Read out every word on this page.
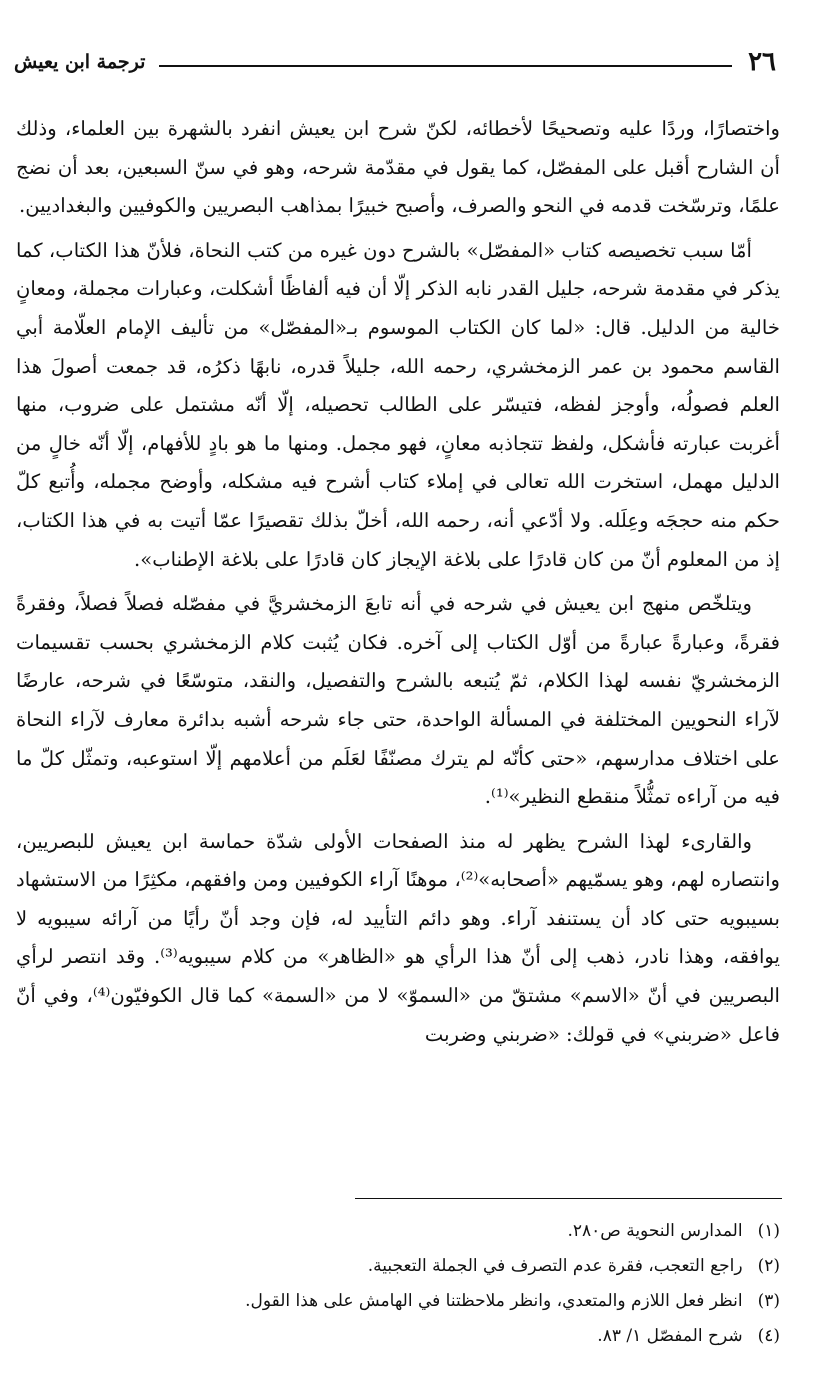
٢٦
ترجمة ابن يعيش

واختصارًا، وردًا عليه وتصحيحًا لأخطائه، لكنّ شرح ابن يعيش انفرد بالشهرة بين العلماء، وذلك أن الشارح أقبل على المفصّل، كما يقول في مقدّمة شرحه، وهو في سنّ السبعين، بعد أن نضج علمًا، وترسّخت قدمه في النحو والصرف، وأصبح خبيرًا بمذاهب البصريين والكوفيين والبغداديين.

أمّا سبب تخصيصه كتاب «المفصّل» بالشرح دون غيره من كتب النحاة، فلأنّ هذا الكتاب، كما يذكر في مقدمة شرحه، جليل القدر نابه الذكر إلّا أن فيه ألفاظًا أشكلت، وعبارات مجملة، ومعانٍ خالية من الدليل. قال: «لما كان الكتاب الموسوم بـ«المفصّل» من تأليف الإمام العلّامة أبي القاسم محمود بن عمر الزمخشري، رحمه الله، جليلاً قدره، نابهًا ذكرُه، قد جمعت أصولَ هذا العلم فصولُه، وأوجز لفظه، فتيسّر على الطالب تحصيله، إلّا أنّه مشتمل على ضروب، منها أغربت عبارته فأشكل، ولفظ تتجاذبه معانٍ، فهو مجمل. ومنها ما هو بادٍ للأفهام، إلّا أنّه خالٍ من الدليل مهمل، استخرت الله تعالى في إملاء كتاب أشرح فيه مشكله، وأوضح مجمله، وأُتبع كلّ حكم منه حججَه وعِلَله. ولا أدّعي أنه، رحمه الله، أخلّ بذلك تقصيرًا عمّا أتيت به في هذا الكتاب، إذ من المعلوم أنّ من كان قادرًا على بلاغة الإيجاز كان قادرًا على بلاغة الإطناب».

ويتلخّص منهج ابن يعيش في شرحه في أنه تابعَ الزمخشريَّ في مفصّله فصلاً فصلاً، وفقرةً فقرةً، وعبارةً عبارةً من أوّل الكتاب إلى آخره. فكان يُثبت كلام الزمخشري بحسب تقسيمات الزمخشريّ نفسه لهذا الكلام، ثمّ يُتبعه بالشرح والتفصيل، والنقد، متوسّعًا في شرحه، عارضًا لآراء النحويين المختلفة في المسألة الواحدة، حتى جاء شرحه أشبه بدائرة معارف لآراء النحاة على اختلاف مدارسهم، «حتى كأنّه لم يترك مصنّفًا لعَلَم من أعلامهم إلّا استوعبه، وتمثّل كلّ ما فيه من آراءه تمثُّلاً منقطع النظير»⁽¹⁾.

والقارىء لهذا الشرح يظهر له منذ الصفحات الأولى شدّة حماسة ابن يعيش للبصريين، وانتصاره لهم، وهو يسمّيهم «أصحابه»⁽²⁾، موهنًا آراء الكوفيين ومن وافقهم، مكثِرًا من الاستشهاد بسيبويه حتى كاد أن يستنفد آراء. وهو دائم التأييد له، فإن وجد أنّ رأيًا من آرائه سيبويه لا يوافقه، وهذا نادر، ذهب إلى أنّ هذا الرأي هو «الظاهر» من كلام سيبويه⁽³⁾. وقد انتصر لرأي البصريين في أنّ «الاسم» مشتقّ من «السموّ» لا من «السمة» كما قال الكوفيّون⁽⁴⁾، وفي أنّ فاعل «ضربني» في قولك: «ضربني وضربت

(١) المدارس النحوية ص٢٨٠.
(٢) راجع التعجب، فقرة عدم التصرف في الجملة التعجبية.
(٣) انظر فعل اللازم والمتعدي، وانظر ملاحظتنا في الهامش على هذا القول.
(٤) شرح المفصّل ١/ ٨٣.
